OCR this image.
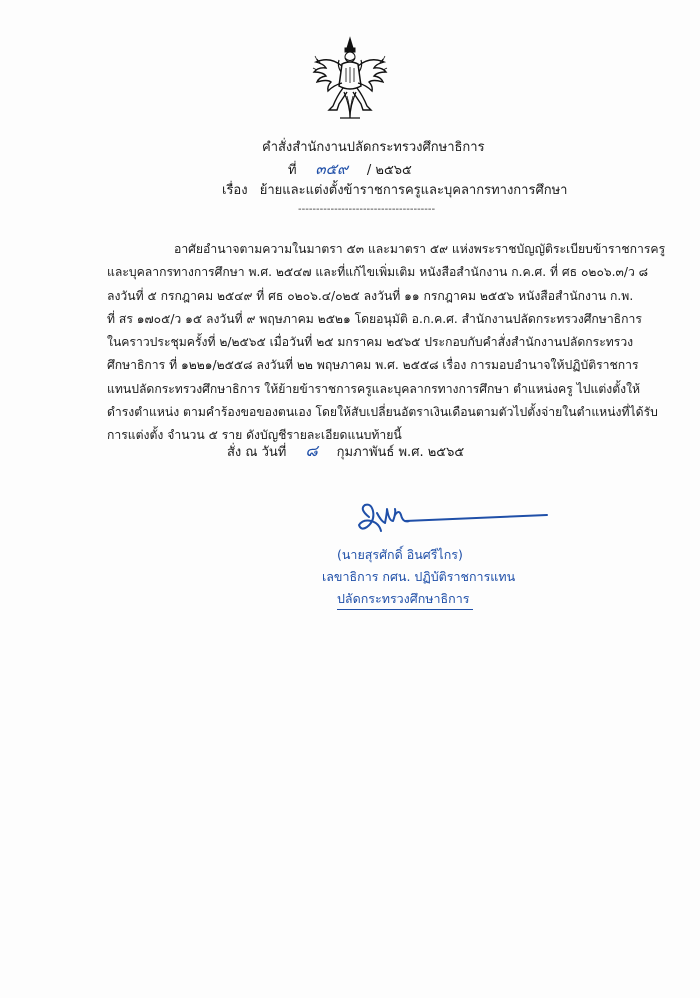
คำสั่งสำนักงานปลัดกระทรวงศึกษาธิการ
ที่ ๓๕๙ / ๒๕๖๕
เรื่อง ย้ายและแต่งตั้งข้าราชการครูและบุคลากรทางการศึกษา
--------------------------------------
อาศัยอำนาจตามความในมาตรา ๕๓ และมาตรา ๕๙ แห่งพระราชบัญญัติระเบียบข้าราชการครู
และบุคลากรทางการศึกษา พ.ศ. ๒๕๔๗ และที่แก้ไขเพิ่มเติม หนังสือสำนักงาน ก.ค.ศ. ที่ ศธ ๐๒๐๖.๓/ว ๘
ลงวันที่ ๕ กรกฎาคม ๒๕๔๙ ที่ ศธ ๐๒๐๖.๔/๐๒๕ ลงวันที่ ๑๑ กรกฎาคม ๒๕๕๖ หนังสือสำนักงาน ก.พ.
ที่ สร ๑๗๐๕/ว ๑๕ ลงวันที่ ๙ พฤษภาคม ๒๕๒๑ โดยอนุมัติ อ.ก.ค.ศ. สำนักงานปลัดกระทรวงศึกษาธิการ
ในคราวประชุมครั้งที่ ๒/๒๕๖๕ เมื่อวันที่ ๒๕ มกราคม ๒๕๖๕ ประกอบกับคำสั่งสำนักงานปลัดกระทรวง
ศึกษาธิการ ที่ ๑๒๒๑/๒๕๕๘ ลงวันที่ ๒๒ พฤษภาคม พ.ศ. ๒๕๕๘ เรื่อง การมอบอำนาจให้ปฏิบัติราชการ
แทนปลัดกระทรวงศึกษาธิการ ให้ย้ายข้าราชการครูและบุคลากรทางการศึกษา ตำแหน่งครู ไปแต่งตั้งให้
ดำรงตำแหน่ง ตามคำร้องขอของตนเอง โดยให้สับเปลี่ยนอัตราเงินเดือนตามตัวไปตั้งจ่ายในตำแหน่งที่ได้รับ
การแต่งตั้ง จำนวน ๕ ราย ดังบัญชีรายละเอียดแนบท้ายนี้
สั่ง ณ วันที่ ๘ กุมภาพันธ์ พ.ศ. ๒๕๖๕
(นายสุรศักดิ์ อินศรีไกร)
เลขาธิการ กศน. ปฏิบัติราชการแทน
ปลัดกระทรวงศึกษาธิการ
